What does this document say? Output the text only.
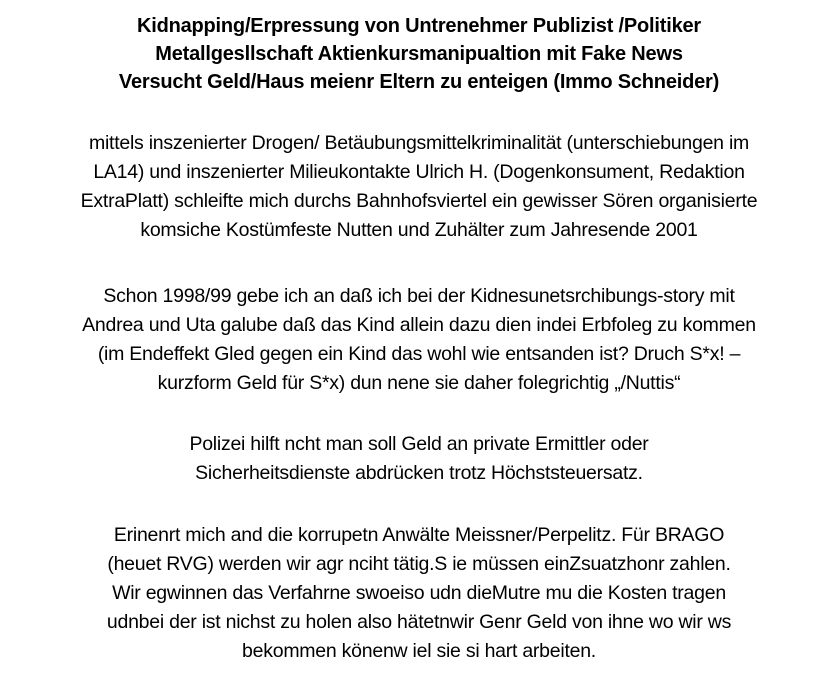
Kidnapping/Erpressung von Untrenehmer Publizist /Politiker
Metallgesllschaft Aktienkursmanipualtion mit Fake News
Versucht Geld/Haus meienr Eltern zu enteigen (Immo Schneider)
mittels inszenierter Drogen/ Betäubungsmittelkriminalität (unterschiebungen im
LA14) und inszenierter Milieukontakte Ulrich H. (Dogenkonsument, Redaktion
ExtraPlatt) schleifte mich durchs Bahnhofsviertel ein gewisser Sören organisierte
komsiche Kostümfeste Nutten und Zuhälter zum Jahresende 2001
Schon 1998/99 gebe ich an daß ich bei der Kidnesunetsrchibungs-story mit
Andrea und Uta galube daß das Kind allein dazu dien indei Erbfoleg zu kommen
(im Endeffekt Gled gegen ein Kind das wohl wie entsanden ist? Druch S*x! –
kurzform Geld für S*x) dun nene sie daher folegrichtig „/Nuttis“
Polizei hilft ncht man soll Geld an private Ermittler oder
Sicherheitsdienste abdrücken trotz Höchststeuersatz.
Erinenrt mich and die korrupetn Anwälte Meissner/Perpelitz. Für BRAGO
(heuet RVG) werden wir agr nciht tätig.S ie müssen einZsuatzhonr zahlen.
Wir egwinnen das Verfahrne swoeiso udn dieMutre mu die Kosten tragen
udnbei der ist nichst zu holen also hätetnwir Genr Geld von ihne wo wir ws
bekommen könenw iel sie si hart arbeiten.
